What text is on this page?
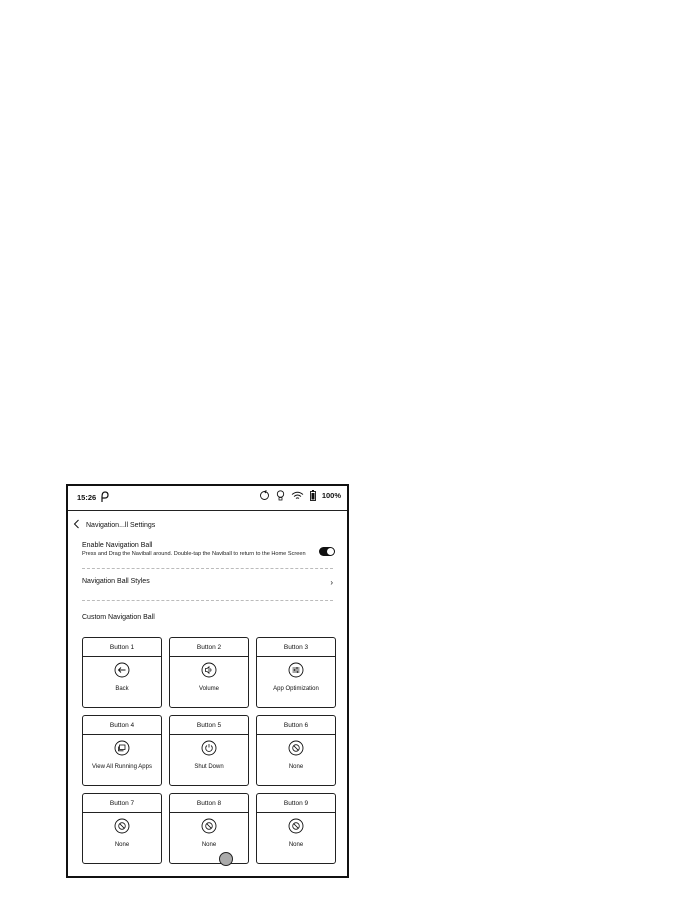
15:26	100%
Navigation...ll Settings
Enable Navigation Ball
Press and Drag the Naviball around. Double-tap the Naviball to return to the Home Screen
Navigation Ball Styles	›
Custom Navigation Ball
Button 1
Back
Button 2
Volume
Button 3
App Optimization
Button 4
View All Running Apps
Button 5
Shut Down
Button 6
None
Button 7
None
Button 8
None
Button 9
None
